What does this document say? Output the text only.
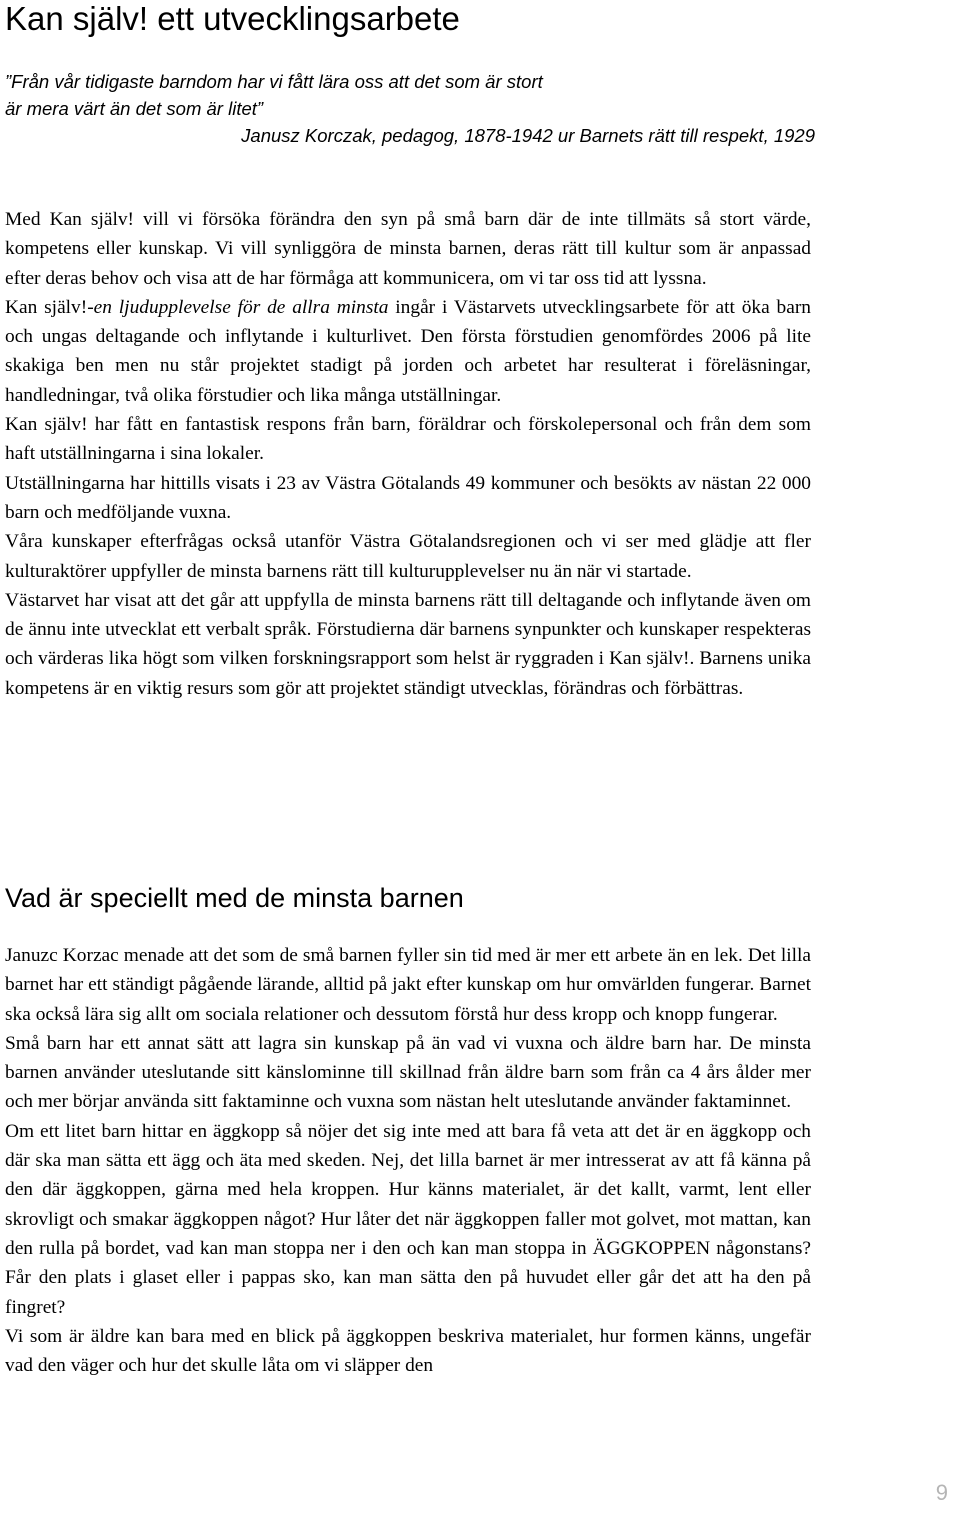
Kan själv! ett utvecklingsarbete
”Från vår tidigaste barndom har vi fått lära oss att det som är stort
är mera värt än det som är litet”
Janusz Korczak, pedagog, 1878-1942 ur Barnets rätt till respekt, 1929

Med Kan själv! vill vi försöka förändra den syn på små barn där de inte tillmäts så stort värde, kompetens eller kunskap. Vi vill synliggöra de minsta barnen, deras rätt till kultur som är anpassad efter deras behov och visa att de har förmåga att kommunicera, om vi tar oss tid att lyssna.

Kan själv!-en ljudupplevelse för de allra minsta ingår i Västarvets utvecklingsarbete för att öka barn och ungas deltagande och inflytande i kulturlivet. Den första förstudien genomfördes 2006 på lite skakiga ben men nu står projektet stadigt på jorden och arbetet har resulterat i föreläsningar, handledningar, två olika förstudier och lika många utställningar.

Kan själv! har fått en fantastisk respons från barn, föräldrar och förskolepersonal och från dem som haft utställningarna i sina lokaler.

Utställningarna har hittills visats i 23 av Västra Götalands 49 kommuner och besökts av nästan 22 000 barn och medföljande vuxna.

Våra kunskaper efterfrågas också utanför Västra Götalandsregionen och vi ser med glädje att fler kulturaktörer uppfyller de minsta barnens rätt till kulturupplevelser nu än när vi startade.

Västarvet har visat att det går att uppfylla de minsta barnens rätt till deltagande och inflytande även om de ännu inte utvecklat ett verbalt språk. Förstudierna där barnens synpunkter och kunskaper respekteras och värderas lika högt som vilken forskningsrapport som helst är ryggraden i Kan själv!. Barnens unika kompetens är en viktig resurs som gör att projektet ständigt utvecklas, förändras och förbättras.

Vad är speciellt med de minsta barnen

Januzc Korzac menade att det som de små barnen fyller sin tid med är mer ett arbete än en lek. Det lilla barnet har ett ständigt pågående lärande, alltid på jakt efter kunskap om hur omvärlden fungerar. Barnet ska också lära sig allt om sociala relationer och dessutom förstå hur dess kropp och knopp fungerar.

Små barn har ett annat sätt att lagra sin kunskap på än vad vi vuxna och äldre barn har. De minsta barnen använder uteslutande sitt känslominne till skillnad från äldre barn som från ca 4 års ålder mer och mer börjar använda sitt faktaminne och vuxna som nästan helt uteslutande använder faktaminnet.

Om ett litet barn hittar en äggkopp så nöjer det sig inte med att bara få veta att det är en äggkopp och där ska man sätta ett ägg och äta med skeden. Nej, det lilla barnet är mer intresserat av att få känna på den där äggkoppen, gärna med hela kroppen. Hur känns materialet, är det kallt, varmt, lent eller skrovligt och smakar äggkoppen något? Hur låter det när äggkoppen faller mot golvet, mot mattan, kan den rulla på bordet, vad kan man stoppa ner i den och kan man stoppa in ÄGGKOPPEN någonstans? Får den plats i glaset eller i pappas sko, kan man sätta den på huvudet eller går det att ha den på fingret?

Vi som är äldre kan bara med en blick på äggkoppen beskriva materialet, hur formen känns, ungefär vad den väger och hur det skulle låta om vi släpper den

9
